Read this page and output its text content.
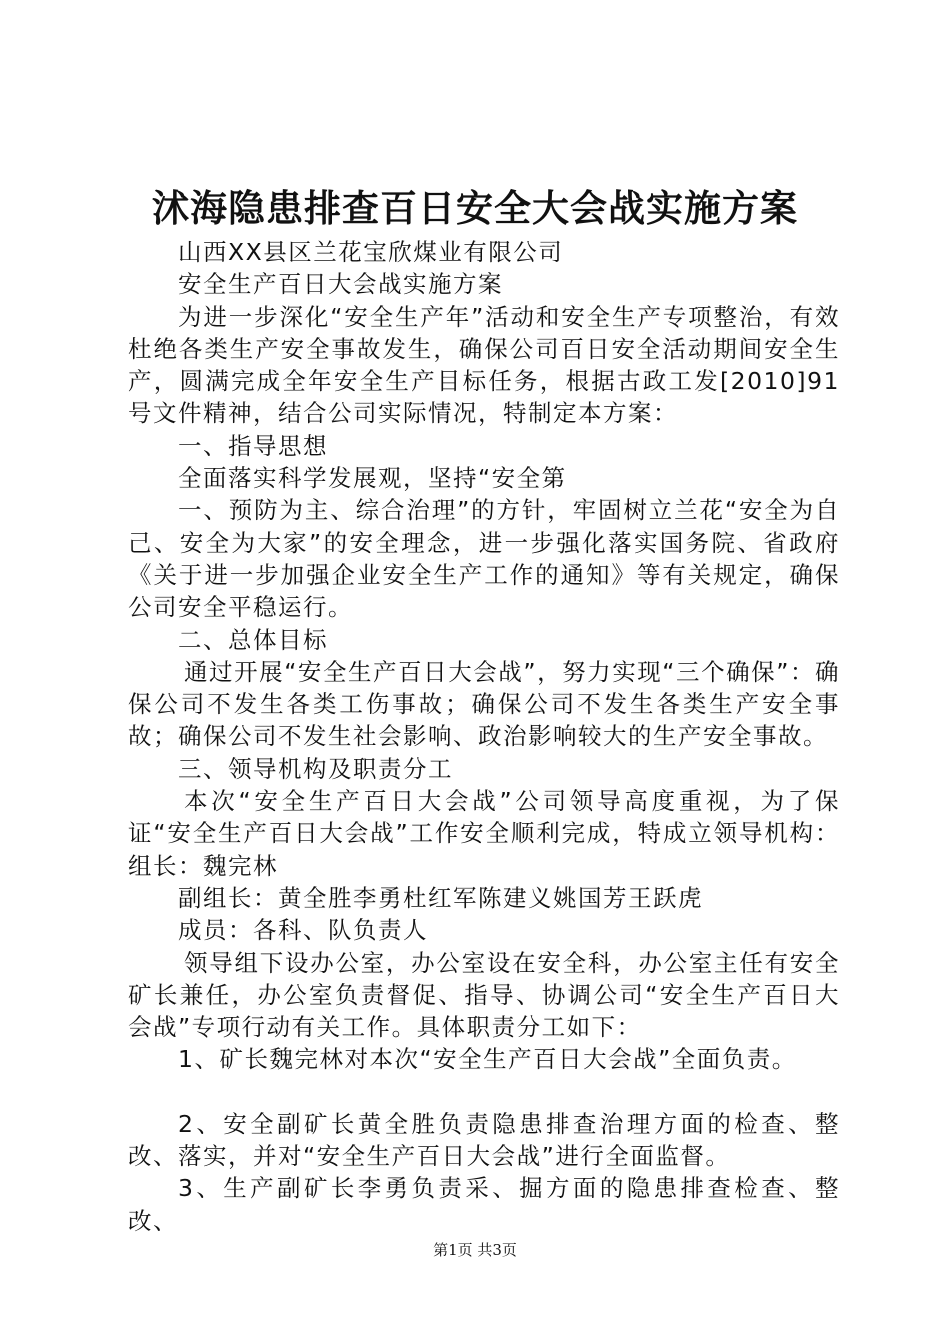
沭海隐患排查百日安全大会战实施方案

山西XX县区兰花宝欣煤业有限公司

安全生产百日大会战实施方案

为进一步深化“安全生产年”活动和安全生产专项整治，有效杜绝各类生产安全事故发生，确保公司百日安全活动期间安全生产，圆满完成全年安全生产目标任务，根据古政工发[2010]91号文件精神，结合公司实际情况，特制定本方案：

一、指导思想

全面落实科学发展观，坚持“安全第

一、预防为主、综合治理”的方针，牢固树立兰花“安全为自己、安全为大家”的安全理念，进一步强化落实国务院、省政府《关于进一步加强企业安全生产工作的通知》等有关规定，确保公司安全平稳运行。

二、总体目标

通过开展“安全生产百日大会战”，努力实现“三个确保”：确保公司不发生各类工伤事故；确保公司不发生各类生产安全事故；确保公司不发生社会影响、政治影响较大的生产安全事故。

三、领导机构及职责分工

本次“安全生产百日大会战”公司领导高度重视，为了保证“安全生产百日大会战”工作安全顺利完成，特成立领导机构：组长：魏完林

副组长：黄全胜李勇杜红军陈建义姚国芳王跃虎

成员：各科、队负责人

领导组下设办公室，办公室设在安全科，办公室主任有安全矿长兼任，办公室负责督促、指导、协调公司“安全生产百日大会战”专项行动有关工作。具体职责分工如下：

1、矿长魏完林对本次“安全生产百日大会战”全面负责。

2、安全副矿长黄全胜负责隐患排查治理方面的检查、整改、落实，并对“安全生产百日大会战”进行全面监督。

3、生产副矿长李勇负责采、掘方面的隐患排查检查、整改、

第1页 共3页
